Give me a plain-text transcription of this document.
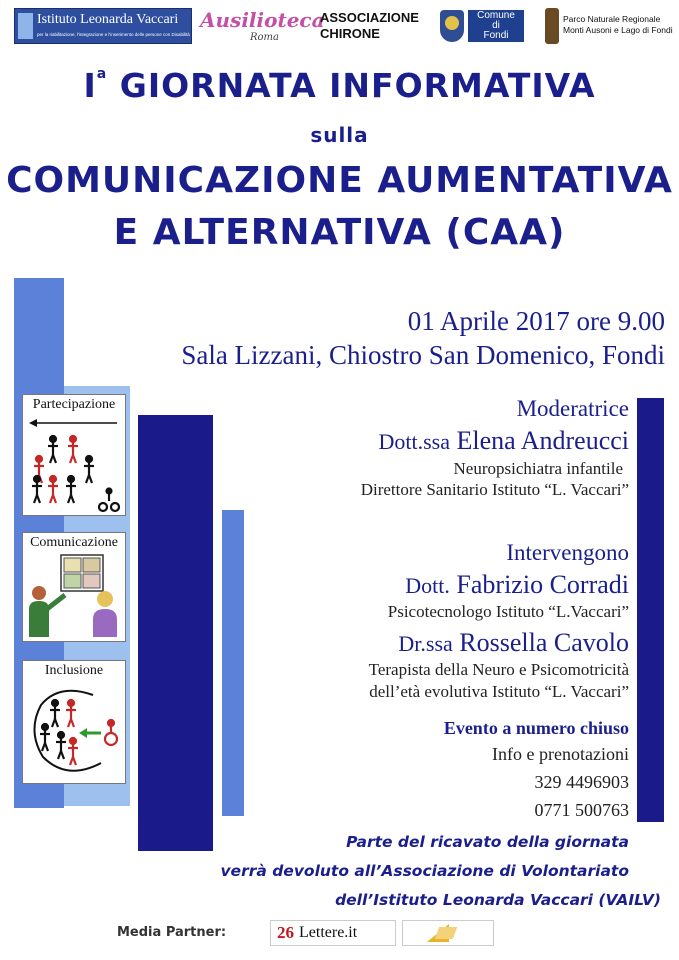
Istituto Leonarda Vaccari
per la riabilitazione, l'integrazione e l'inserimento delle persone con Disabilità
Ausilioteca
Roma
ASSOCIAZIONE
CHIRONE
Comune
di
Fondi
Parco Naturale Regionale
Monti Ausoni e Lago di Fondi
$I^a$ GIORNATA INFORMATIVA
sulla
COMUNICAZIONE AUMENTATIVA
E ALTERNATIVA (CAA)
Partecipazione
Comunicazione
Inclusione
01 Aprile 2017 ore 9.00
Sala Lizzani, Chiostro San Domenico, Fondi
Moderatrice
Dott.ssa Elena Andreucci
Neuropsichiatra infantile
Direttore Sanitario Istituto “L. Vaccari”
Intervengono
Dott. Fabrizio Corradi
Psicotecnologo Istituto “L.Vaccari”
Dr.ssa Rossella Cavolo
Terapista della Neuro e Psicomotricità
dell’età evolutiva Istituto “L. Vaccari”
Evento a numero chiuso
Info e prenotazioni
329 4496903
0771 500763
Parte del ricavato della giornata
verrà devoluto all’Associazione di Volontariato
dell’Istituto Leonarda Vaccari (VAILV)
Media Partner:	26 Lettere.it
